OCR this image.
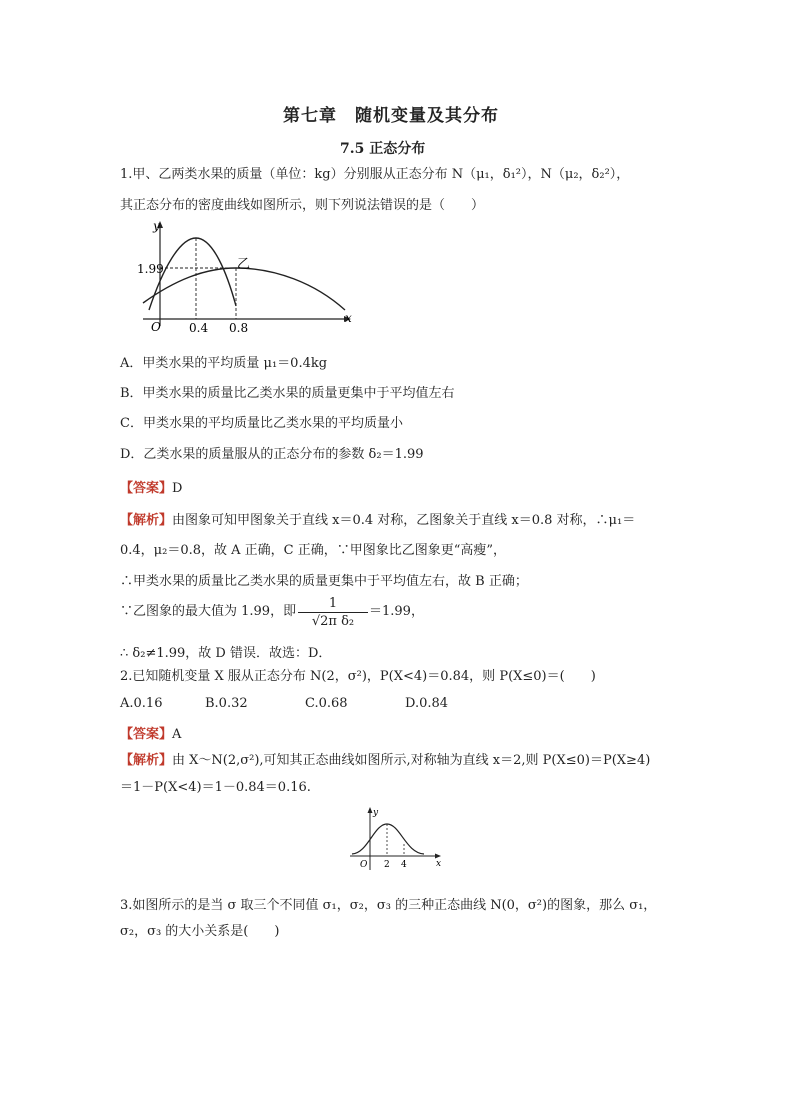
第七章　随机变量及其分布
7.5 正态分布
1.甲、乙两类水果的质量（单位：kg）分别服从正态分布 N（μ₁，δ₁²），N（μ₂，δ₂²），
其正态分布的密度曲线如图所示，则下列说法错误的是（　　）
y
x
O
1.99
0.4 0.8
乙
A．甲类水果的平均质量 μ₁＝0.4kg
B．甲类水果的质量比乙类水果的质量更集中于平均值左右
C．甲类水果的平均质量比乙类水果的平均质量小
D．乙类水果的质量服从的正态分布的参数 δ₂＝1.99
【答案】D
【解析】由图象可知甲图象关于直线 x＝0.4 对称，乙图象关于直线 x＝0.8 对称，∴μ₁＝
0.4，μ₂＝0.8，故 A 正确，C 正确，∵甲图象比乙图象更“高瘦”，
∴甲类水果的质量比乙类水果的质量更集中于平均值左右，故 B 正确；
∵乙图象的最大值为 1.99，即
1
√2π δ₂
＝1.99，
∴ δ₂≠1.99，故 D 错误．故选：D．
2.已知随机变量 X 服从正态分布 N(2，σ²)，P(X<4)＝0.84，则 P(X≤0)＝(　　)
A.0.16	B.0.32	C.0.68	D.0.84
【答案】A
【解析】由 X～N(2,σ²),可知其正态曲线如图所示,对称轴为直线 x＝2,则 P(X≤0)＝P(X≥4)
＝1－P(X<4)＝1－0.84＝0.16.
y
x
O 2 4
3.如图所示的是当 σ 取三个不同值 σ₁，σ₂，σ₃ 的三种正态曲线 N(0，σ²)的图象，那么 σ₁，
σ₂，σ₃ 的大小关系是(　　)
